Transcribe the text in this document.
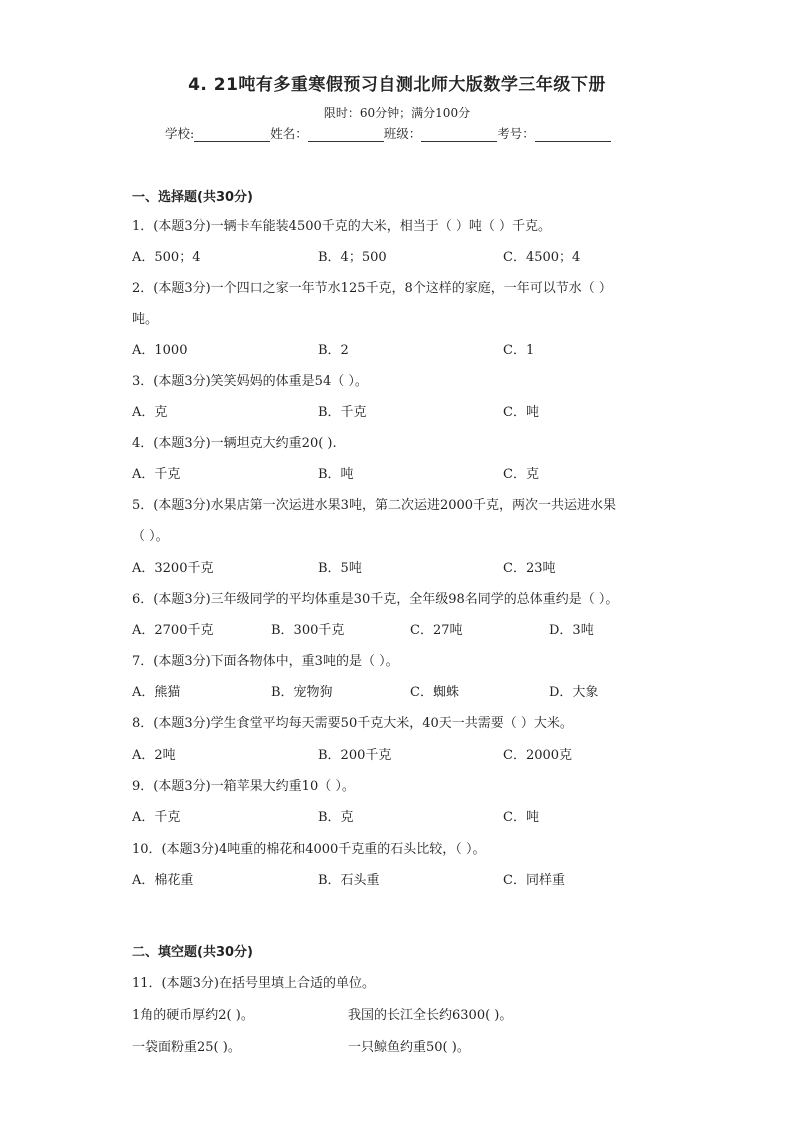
4. 21吨有多重寒假预习自测北师大版数学三年级下册
限时：60分钟；满分100分
学校:	姓名：	班级：	考号：
一、选择题(共30分)
1．(本题3分)一辆卡车能装4500千克的大米，相当于（ ）吨（ ）千克。
A．500；4	B．4；500	C．4500；4
2．(本题3分)一个四口之家一年节水125千克，8个这样的家庭，一年可以节水（ ）
吨。
A．1000	B．2	C．1
3．(本题3分)笑笑妈妈的体重是54（ ）。
A．克	B．千克	C．吨
4．(本题3分)一辆坦克大约重20( ).
A．千克	B．吨	C．克
5．(本题3分)水果店第一次运进水果3吨，第二次运进2000千克，两次一共运进水果
（ ）。
A．3200千克	B．5吨	C．23吨
6．(本题3分)三年级同学的平均体重是30千克，全年级98名同学的总体重约是（ ）。
A．2700千克	B．300千克	C．27吨	D．3吨
7．(本题3分)下面各物体中，重3吨的是（ ）。
A．熊猫	B．宠物狗	C．蜘蛛	D．大象
8．(本题3分)学生食堂平均每天需要50千克大米，40天一共需要（ ）大米。
A．2吨	B．200千克	C．2000克
9．(本题3分)一箱苹果大约重10（ ）。
A．千克	B．克	C．吨
10．(本题3分)4吨重的棉花和4000千克重的石头比较，（ ）。
A．棉花重	B．石头重	C．同样重
二、填空题(共30分)
11．(本题3分)在括号里填上合适的单位。
1角的硬币厚约2( )。	我国的长江全长约6300( )。
一袋面粉重25( )。	一只鲸鱼约重50( )。
